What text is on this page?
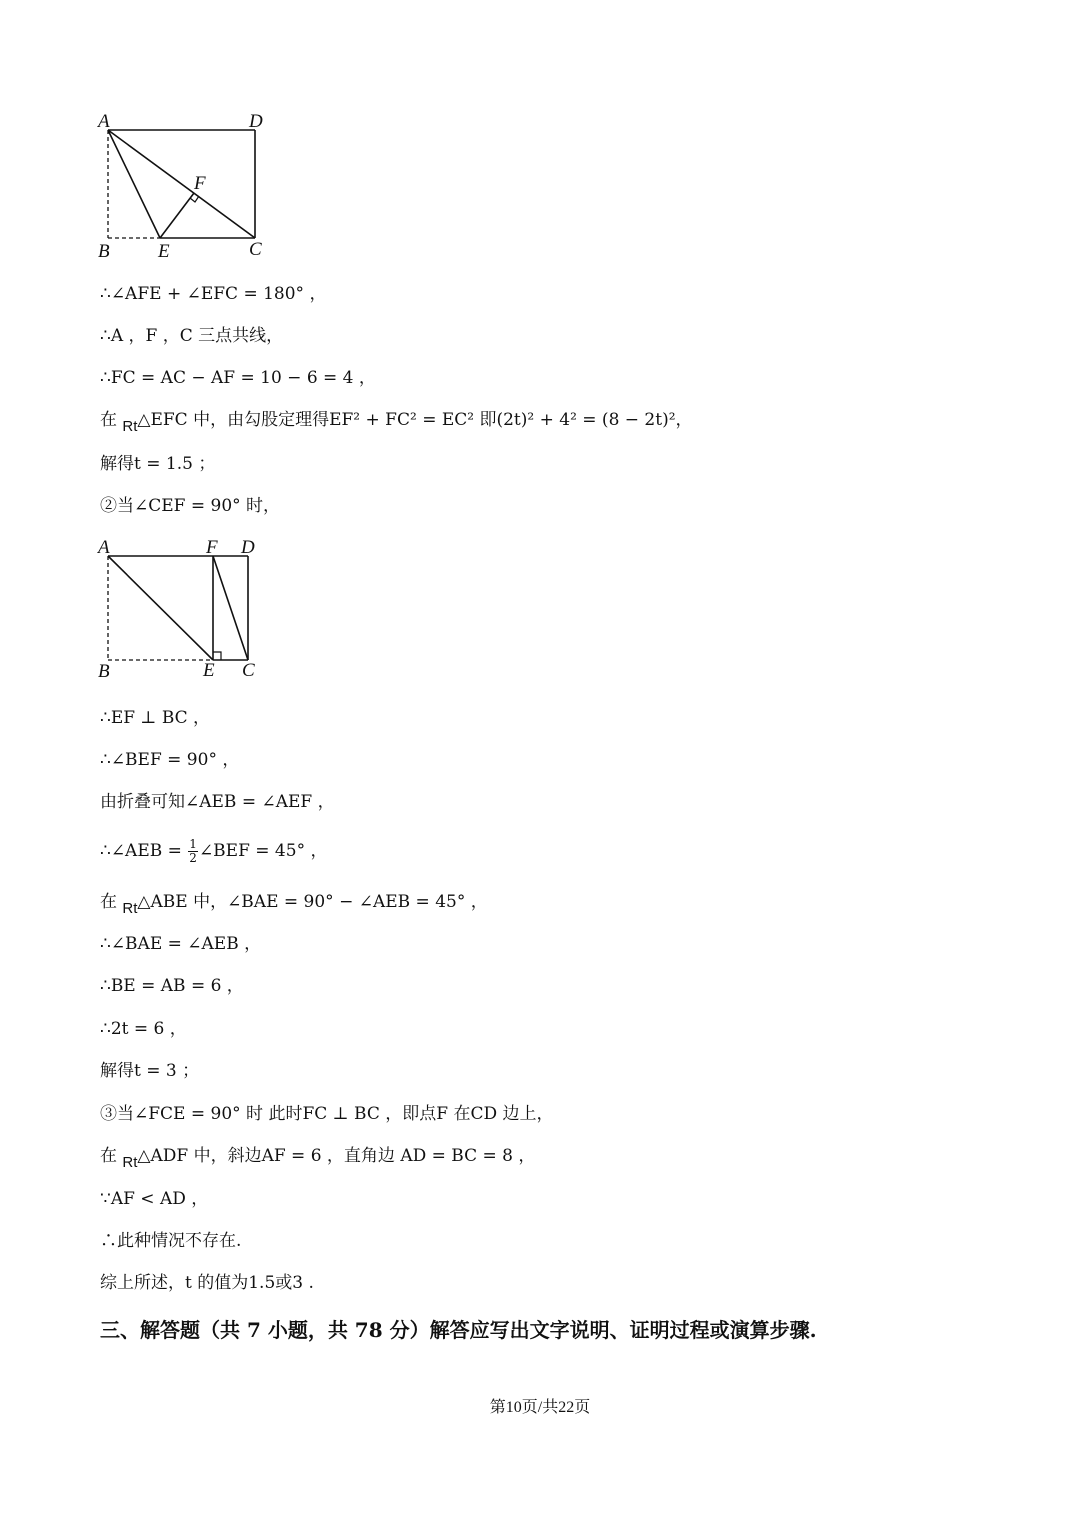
A	D
F
B	E	C
∴∠AFE + ∠EFC = 180° ，
∴A ，F ，C 三点共线，
∴FC = AC − AF = 10 − 6 = 4 ，
在 Rt△EFC 中，由勾股定理得EF² + FC² = EC² 即(2t)² + 4² = (8 − 2t)²，
解得t = 1.5 ；
②当∠CEF = 90° 时，
A	F D
B	E C
∴EF ⊥ BC ，
∴∠BEF = 90° ，
由折叠可知∠AEB = ∠AEF ，
∴∠AEB = $\frac{1}{2}$ ∠BEF = 45° ，
在 Rt△ABE 中，∠BAE = 90° − ∠AEB = 45° ，
∴∠BAE = ∠AEB ，
∴BE = AB = 6 ，
∴2t = 6 ，
解得t = 3 ；
③当∠FCE = 90° 时 此时FC ⊥ BC ，即点F 在CD 边上，
在 Rt△ADF 中，斜边AF = 6 ，直角边 AD = BC = 8 ，
∵AF < AD ，
∴此种情况不存在.
综上所述，t 的值为1.5或3 .
三、解答题（共 7 小题，共 78 分）解答应写出文字说明、证明过程或演算步骤.
第10页/共22页
